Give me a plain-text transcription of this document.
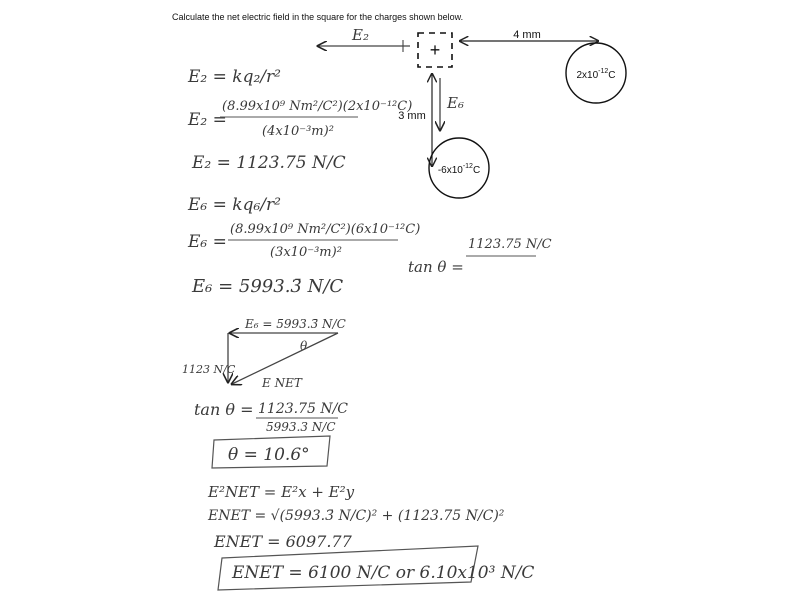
Calculate the net electric field in the square for the charges shown below.
+
4 mm
$2x10^{-12}C$
3 mm
$-6x10^{-12}C$
E₂
E₆
E₂ = kq₂/r²
E₂ =
(8.99x10⁹ Nm²/C²)(2x10⁻¹²C)
(4x10⁻³m)²
E₂ = 1123.75 N/C
E₆ = kq₆/r²
E₆ =
(8.99x10⁹ Nm²/C²)(6x10⁻¹²C)
(3x10⁻³m)²
E₆ = 5993.3̄ N/C
tan θ =
1123.75 N/C
E₆ = 5993.3̄ N/C
θ
1123 N/C
E NET
tan θ = 1123.75 N/C
5993.3 N/C
θ = 10.6°
E²NET = E²x + E²y
ENET = √(5993.3̄ N/C)² + (1123.75 N/C)²
ENET = 6097.77
ENET = 6100 N/C or 6.10x10³ N/C
